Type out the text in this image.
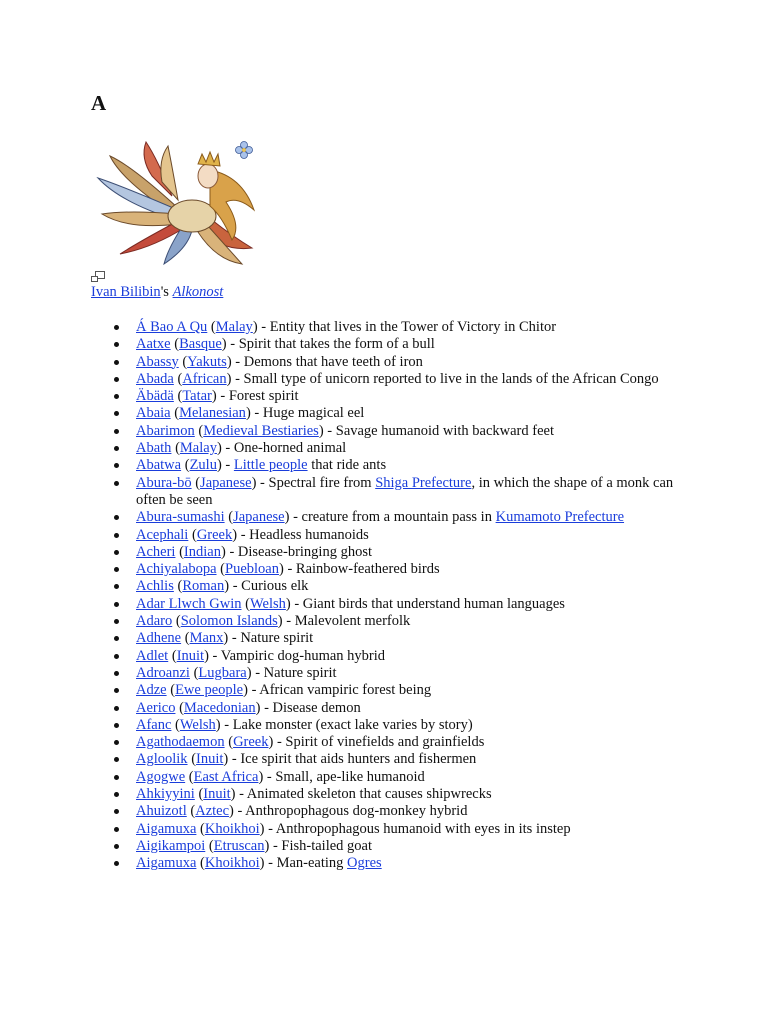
A
Ivan Bilibin's Alkonost
Á Bao A Qu (Malay) - Entity that lives in the Tower of Victory in Chitor
Aatxe (Basque) - Spirit that takes the form of a bull
Abassy (Yakuts) - Demons that have teeth of iron
Abada (African) - Small type of unicorn reported to live in the lands of the African Congo
Äbädä (Tatar) - Forest spirit
Abaia (Melanesian) - Huge magical eel
Abarimon (Medieval Bestiaries) - Savage humanoid with backward feet
Abath (Malay) - One-horned animal
Abatwa (Zulu) - Little people that ride ants
Abura-bō (Japanese) - Spectral fire from Shiga Prefecture, in which the shape of a monk can often be seen
Abura-sumashi (Japanese) - creature from a mountain pass in Kumamoto Prefecture
Acephali (Greek) - Headless humanoids
Acheri (Indian) - Disease-bringing ghost
Achiyalabopa (Puebloan) - Rainbow-feathered birds
Achlis (Roman) - Curious elk
Adar Llwch Gwin (Welsh) - Giant birds that understand human languages
Adaro (Solomon Islands) - Malevolent merfolk
Adhene (Manx) - Nature spirit
Adlet (Inuit) - Vampiric dog-human hybrid
Adroanzi (Lugbara) - Nature spirit
Adze (Ewe people) - African vampiric forest being
Aerico (Macedonian) - Disease demon
Afanc (Welsh) - Lake monster (exact lake varies by story)
Agathodaemon (Greek) - Spirit of vinefields and grainfields
Agloolik (Inuit) - Ice spirit that aids hunters and fishermen
Agogwe (East Africa) - Small, ape-like humanoid
Ahkiyyini (Inuit) - Animated skeleton that causes shipwrecks
Ahuizotl (Aztec) - Anthropophagous dog-monkey hybrid
Aigamuxa (Khoikhoi) - Anthropophagous humanoid with eyes in its instep
Aigikampoi (Etruscan) - Fish-tailed goat
Aigamuxa (Khoikhoi) - Man-eating Ogres
